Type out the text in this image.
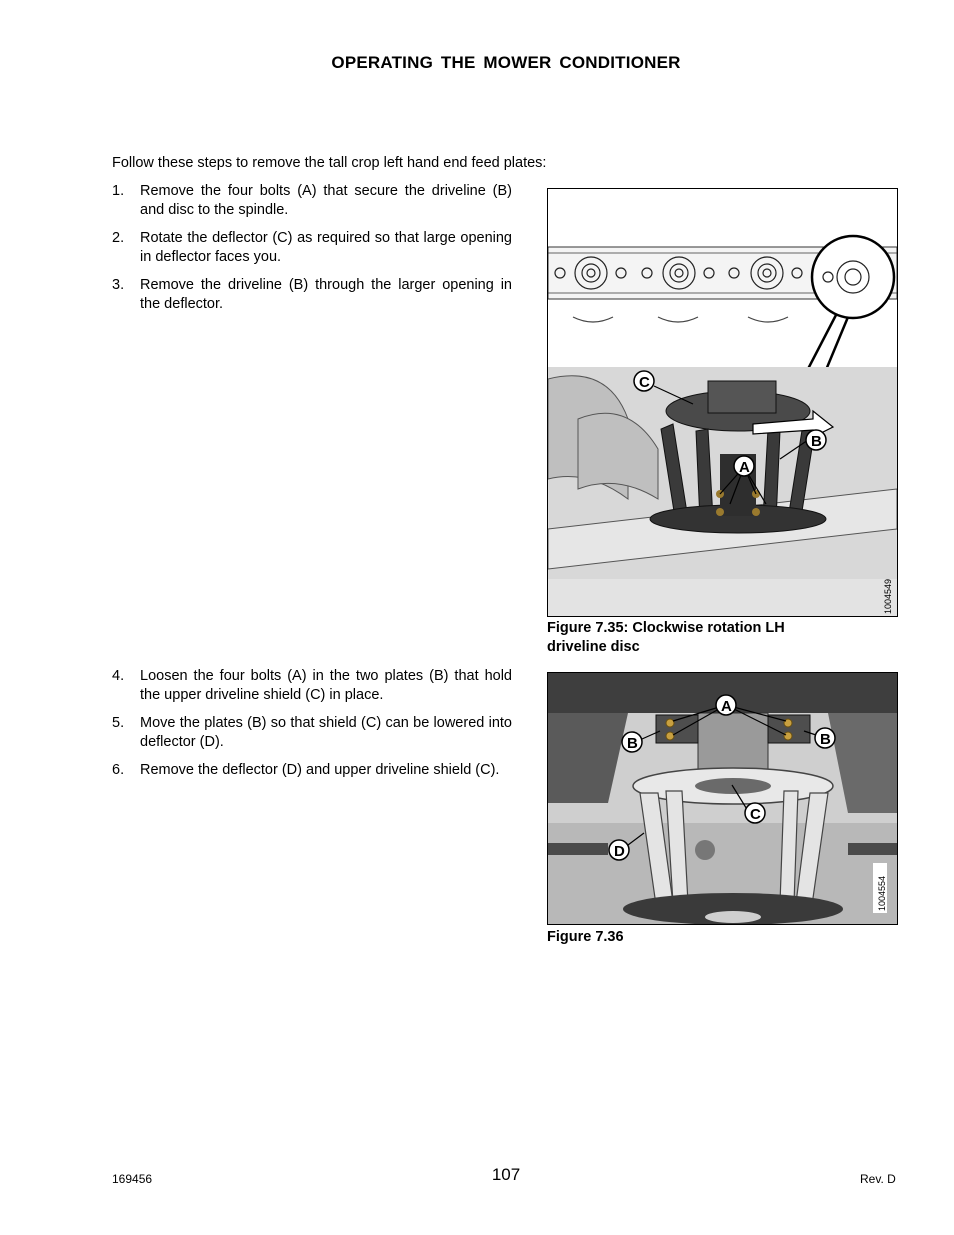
OPERATING THE MOWER CONDITIONER
Follow these steps to remove the tall crop left hand end feed plates:
1.	Remove the four bolts (A) that secure the driveline (B) and disc to the spindle.
2.	Rotate the deflector (C) as required so that large opening in deflector faces you.
3.	Remove the driveline (B) through the larger opening in the deflector.
C
B
A
1004549
Figure 7.35: Clockwise rotation LH driveline disc
4.	Loosen the four bolts (A) in the two plates (B) that hold the upper driveline shield (C) in place.
5.	Move the plates (B) so that shield (C) can be lowered into deflector (D).
6.	Remove the deflector (D) and upper driveline shield (C).
A
B	B
C
D
1004554
Figure 7.36
169456	107	Rev. D
